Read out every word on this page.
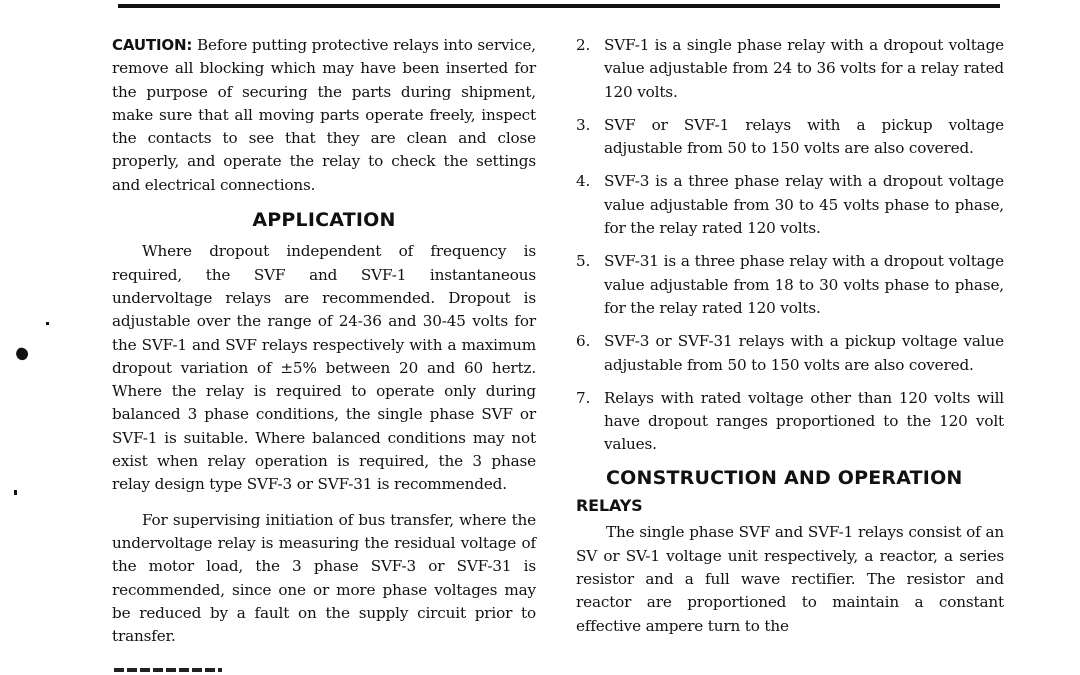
CAUTION: Before putting protective relays into service, remove all blocking which may have been inserted for the purpose of securing the parts during shipment, make sure that all moving parts operate freely, inspect the contacts to see that they are clean and close properly, and operate the relay to check the settings and electrical connections.

APPLICATION

Where dropout independent of frequency is required, the SVF and SVF-1 instantaneous undervoltage relays are recommended. Dropout is adjustable over the range of 24-36 and 30-45 volts for the SVF-1 and SVF relays respectively with a maximum dropout variation of ±5% between 20 and 60 hertz. Where the relay is required to operate only during balanced 3 phase conditions, the single phase SVF or SVF-1 is suitable. Where balanced conditions may not exist when relay operation is required, the 3 phase relay design type SVF-3 or SVF-31 is recommended.

For supervising initiation of bus transfer, where the undervoltage relay is measuring the residual voltage of the motor load, the 3 phase SVF-3 or SVF-31 is recommended, since one or more phase voltages may be reduced by a fault on the supply circuit prior to transfer.

2. SVF-1 is a single phase relay with a dropout voltage value adjustable from 24 to 36 volts for a relay rated 120 volts.
3. SVF or SVF-1 relays with a pickup voltage adjustable from 50 to 150 volts are also covered.
4. SVF-3 is a three phase relay with a dropout voltage value adjustable from 30 to 45 volts phase to phase, for the relay rated 120 volts.
5. SVF-31 is a three phase relay with a dropout voltage value adjustable from 18 to 30 volts phase to phase, for the relay rated 120 volts.
6. SVF-3 or SVF-31 relays with a pickup voltage value adjustable from 50 to 150 volts are also covered.
7. Relays with rated voltage other than 120 volts will have dropout ranges proportioned to the 120 volt values.
CONSTRUCTION AND OPERATION
RELAYS

The single phase SVF and SVF-1 relays consist of an SV or SV-1 voltage unit respectively, a reactor, a series resistor and a full wave rectifier. The resistor and reactor are proportioned to maintain a constant effective ampere turn to the
